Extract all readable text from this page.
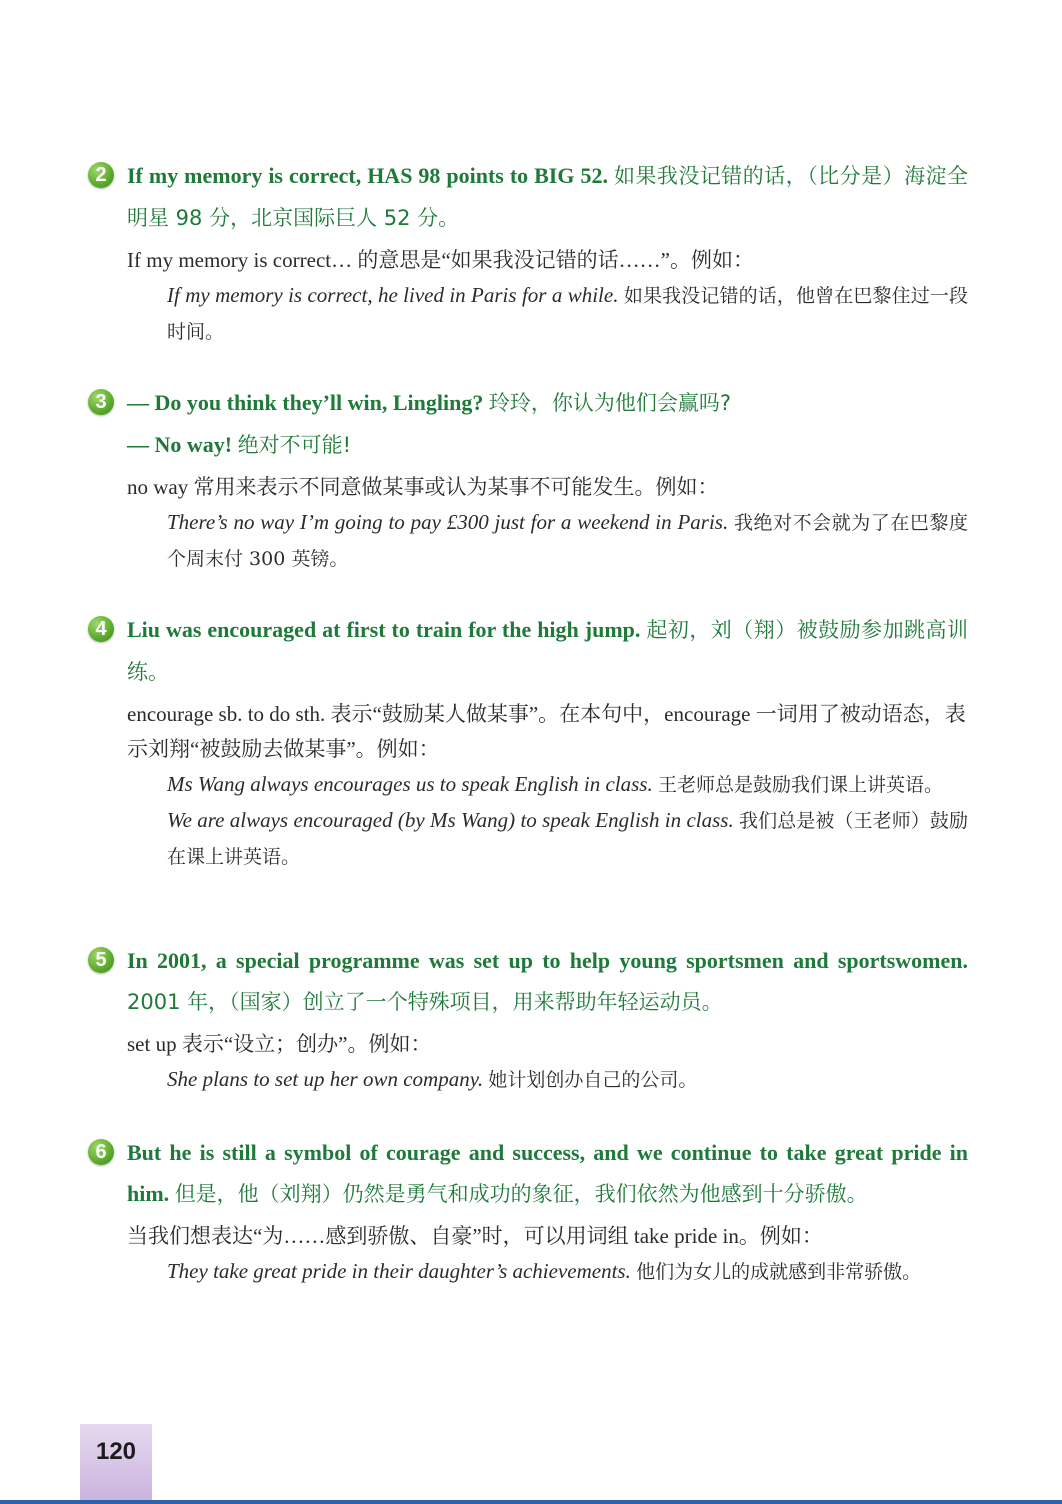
2 If my memory is correct, HAS 98 points to BIG 52. 如果我没记错的话，（比分是）海淀全明星 98 分，北京国际巨人 52 分。
If my memory is correct… 的意思是“如果我没记错的话……”。例如：
If my memory is correct, he lived in Paris for a while. 如果我没记错的话，他曾在巴黎住过一段时间。
3 — Do you think they’ll win, Lingling? 玲玲，你认为他们会赢吗?
— No way! 绝对不可能!
no way 常用来表示不同意做某事或认为某事不可能发生。例如：
There’s no way I’m going to pay £300 just for a weekend in Paris. 我绝对不会就为了在巴黎度个周末付 300 英镑。
4 Liu was encouraged at first to train for the high jump. 起初，刘（翔）被鼓励参加跳高训练。
encourage sb. to do sth. 表示“鼓励某人做某事”。在本句中，encourage 一词用了被动语态，表示刘翔“被鼓励去做某事”。例如：
Ms Wang always encourages us to speak English in class. 王老师总是鼓励我们课上讲英语。
We are always encouraged (by Ms Wang) to speak English in class. 我们总是被（王老师）鼓励在课上讲英语。
5 In 2001, a special programme was set up to help young sportsmen and sportswomen. 2001 年，（国家）创立了一个特殊项目，用来帮助年轻运动员。
set up 表示“设立；创办”。例如：
She plans to set up her own company. 她计划创办自己的公司。
6 But he is still a symbol of courage and success, and we continue to take great pride in him. 但是，他（刘翔）仍然是勇气和成功的象征，我们依然为他感到十分骄傲。
当我们想表达“为……感到骄傲、自豪”时，可以用词组 take pride in。例如：
They take great pride in their daughter’s achievements. 他们为女儿的成就感到非常骄傲。
120
